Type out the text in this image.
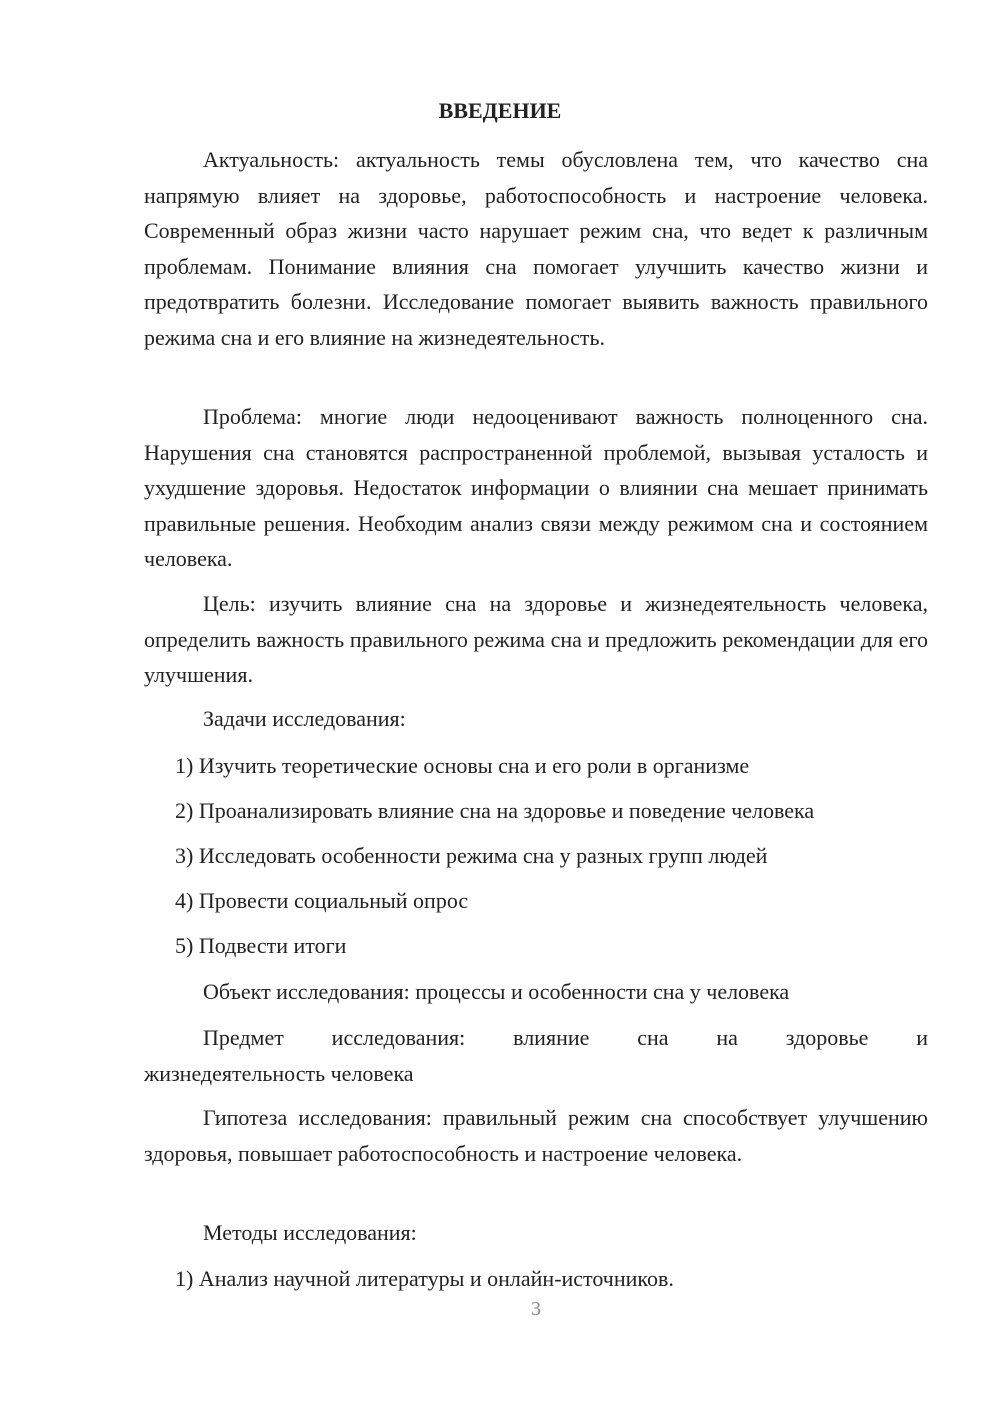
ВВЕДЕНИЕ

Актуальность: актуальность темы обусловлена тем, что качество сна напрямую влияет на здоровье, работоспособность и настроение человека. Современный образ жизни часто нарушает режим сна, что ведет к различным проблемам. Понимание влияния сна помогает улучшить качество жизни и предотвратить болезни. Исследование помогает выявить важность правильного режима сна и его влияние на жизнедеятельность.

Проблема: многие люди недооценивают важность полноценного сна. Нарушения сна становятся распространенной проблемой, вызывая усталость и ухудшение здоровья. Недостаток информации о влиянии сна мешает принимать правильные решения. Необходим анализ связи между режимом сна и состоянием человека.

Цель: изучить влияние сна на здоровье и жизнедеятельность человека, определить важность правильного режима сна и предложить рекомендации для его улучшения.

Задачи исследования:
1) Изучить теоретические основы сна и его роли в организме
2) Проанализировать влияние сна на здоровье и поведение человека
3) Исследовать особенности режима сна у разных групп людей
4) Провести социальный опрос
5) Подвести итоги
Объект исследования: процессы и особенности сна у человека
Предмет исследования: влияние сна на здоровье и
жизнедеятельность человека

Гипотеза исследования: правильный режим сна способствует улучшению здоровья, повышает работоспособность и настроение человека.

Методы исследования:
1) Анализ научной литературы и онлайн-источников.
3
